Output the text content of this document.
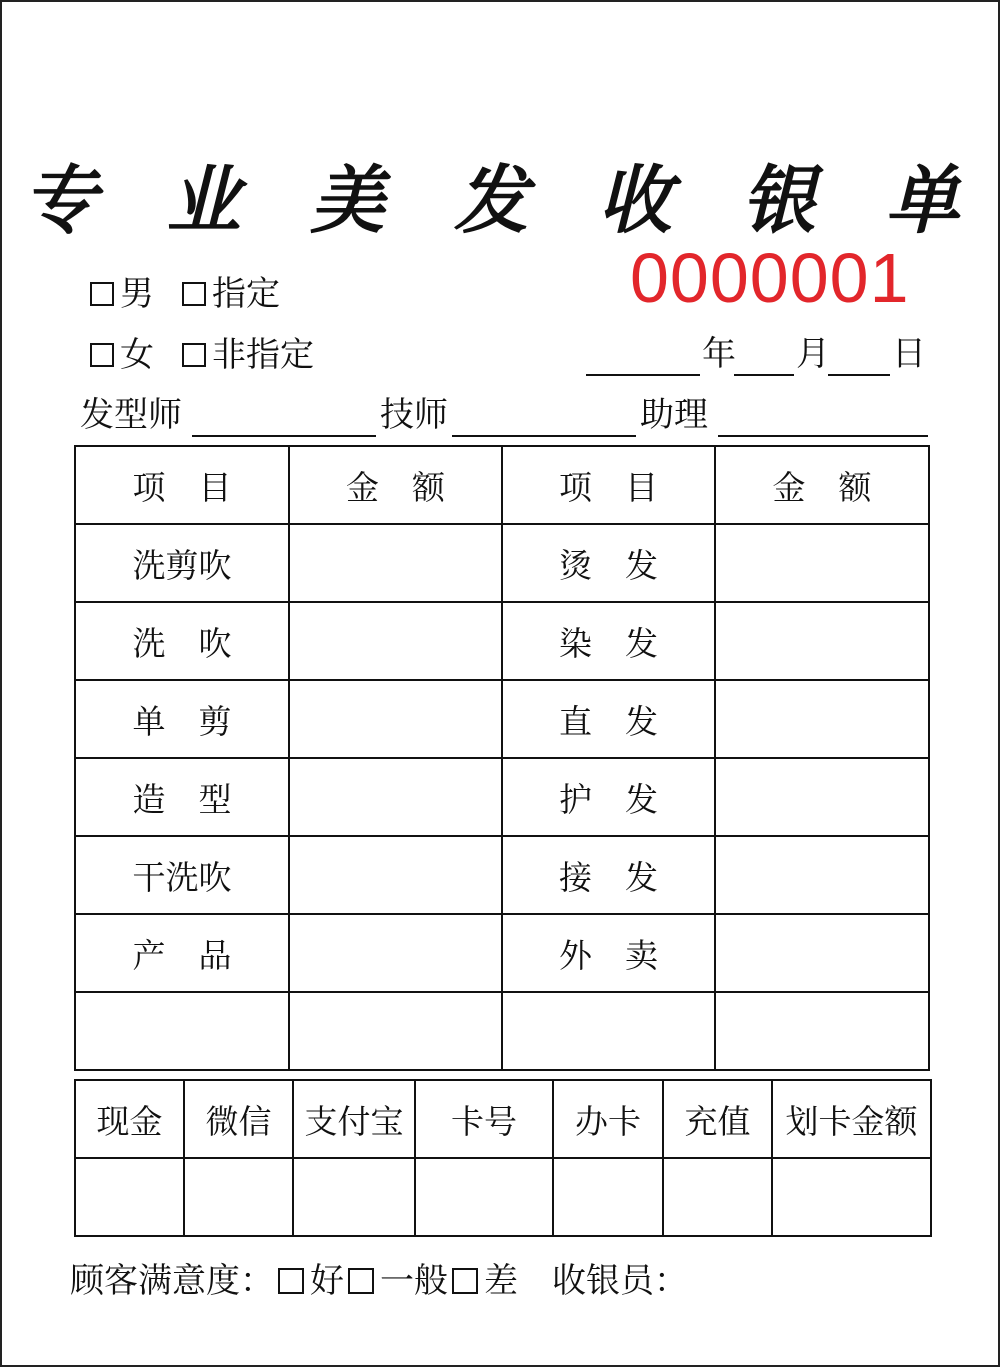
专 业 美 发 收 银 单
0000001
男 指定
女 非指定	年 月 日
发型师	技师	助理
项　目	金　额	项　目	金　额
洗剪吹		烫　发	
洗　吹		染　发	
单　剪		直　发	
造　型		护　发	
干洗吹		接　发	
产　品		外　卖	

现金	微信	支付宝	卡号	办卡	充值	划卡金额

顾客满意度： 好 一般 差 收银员：
